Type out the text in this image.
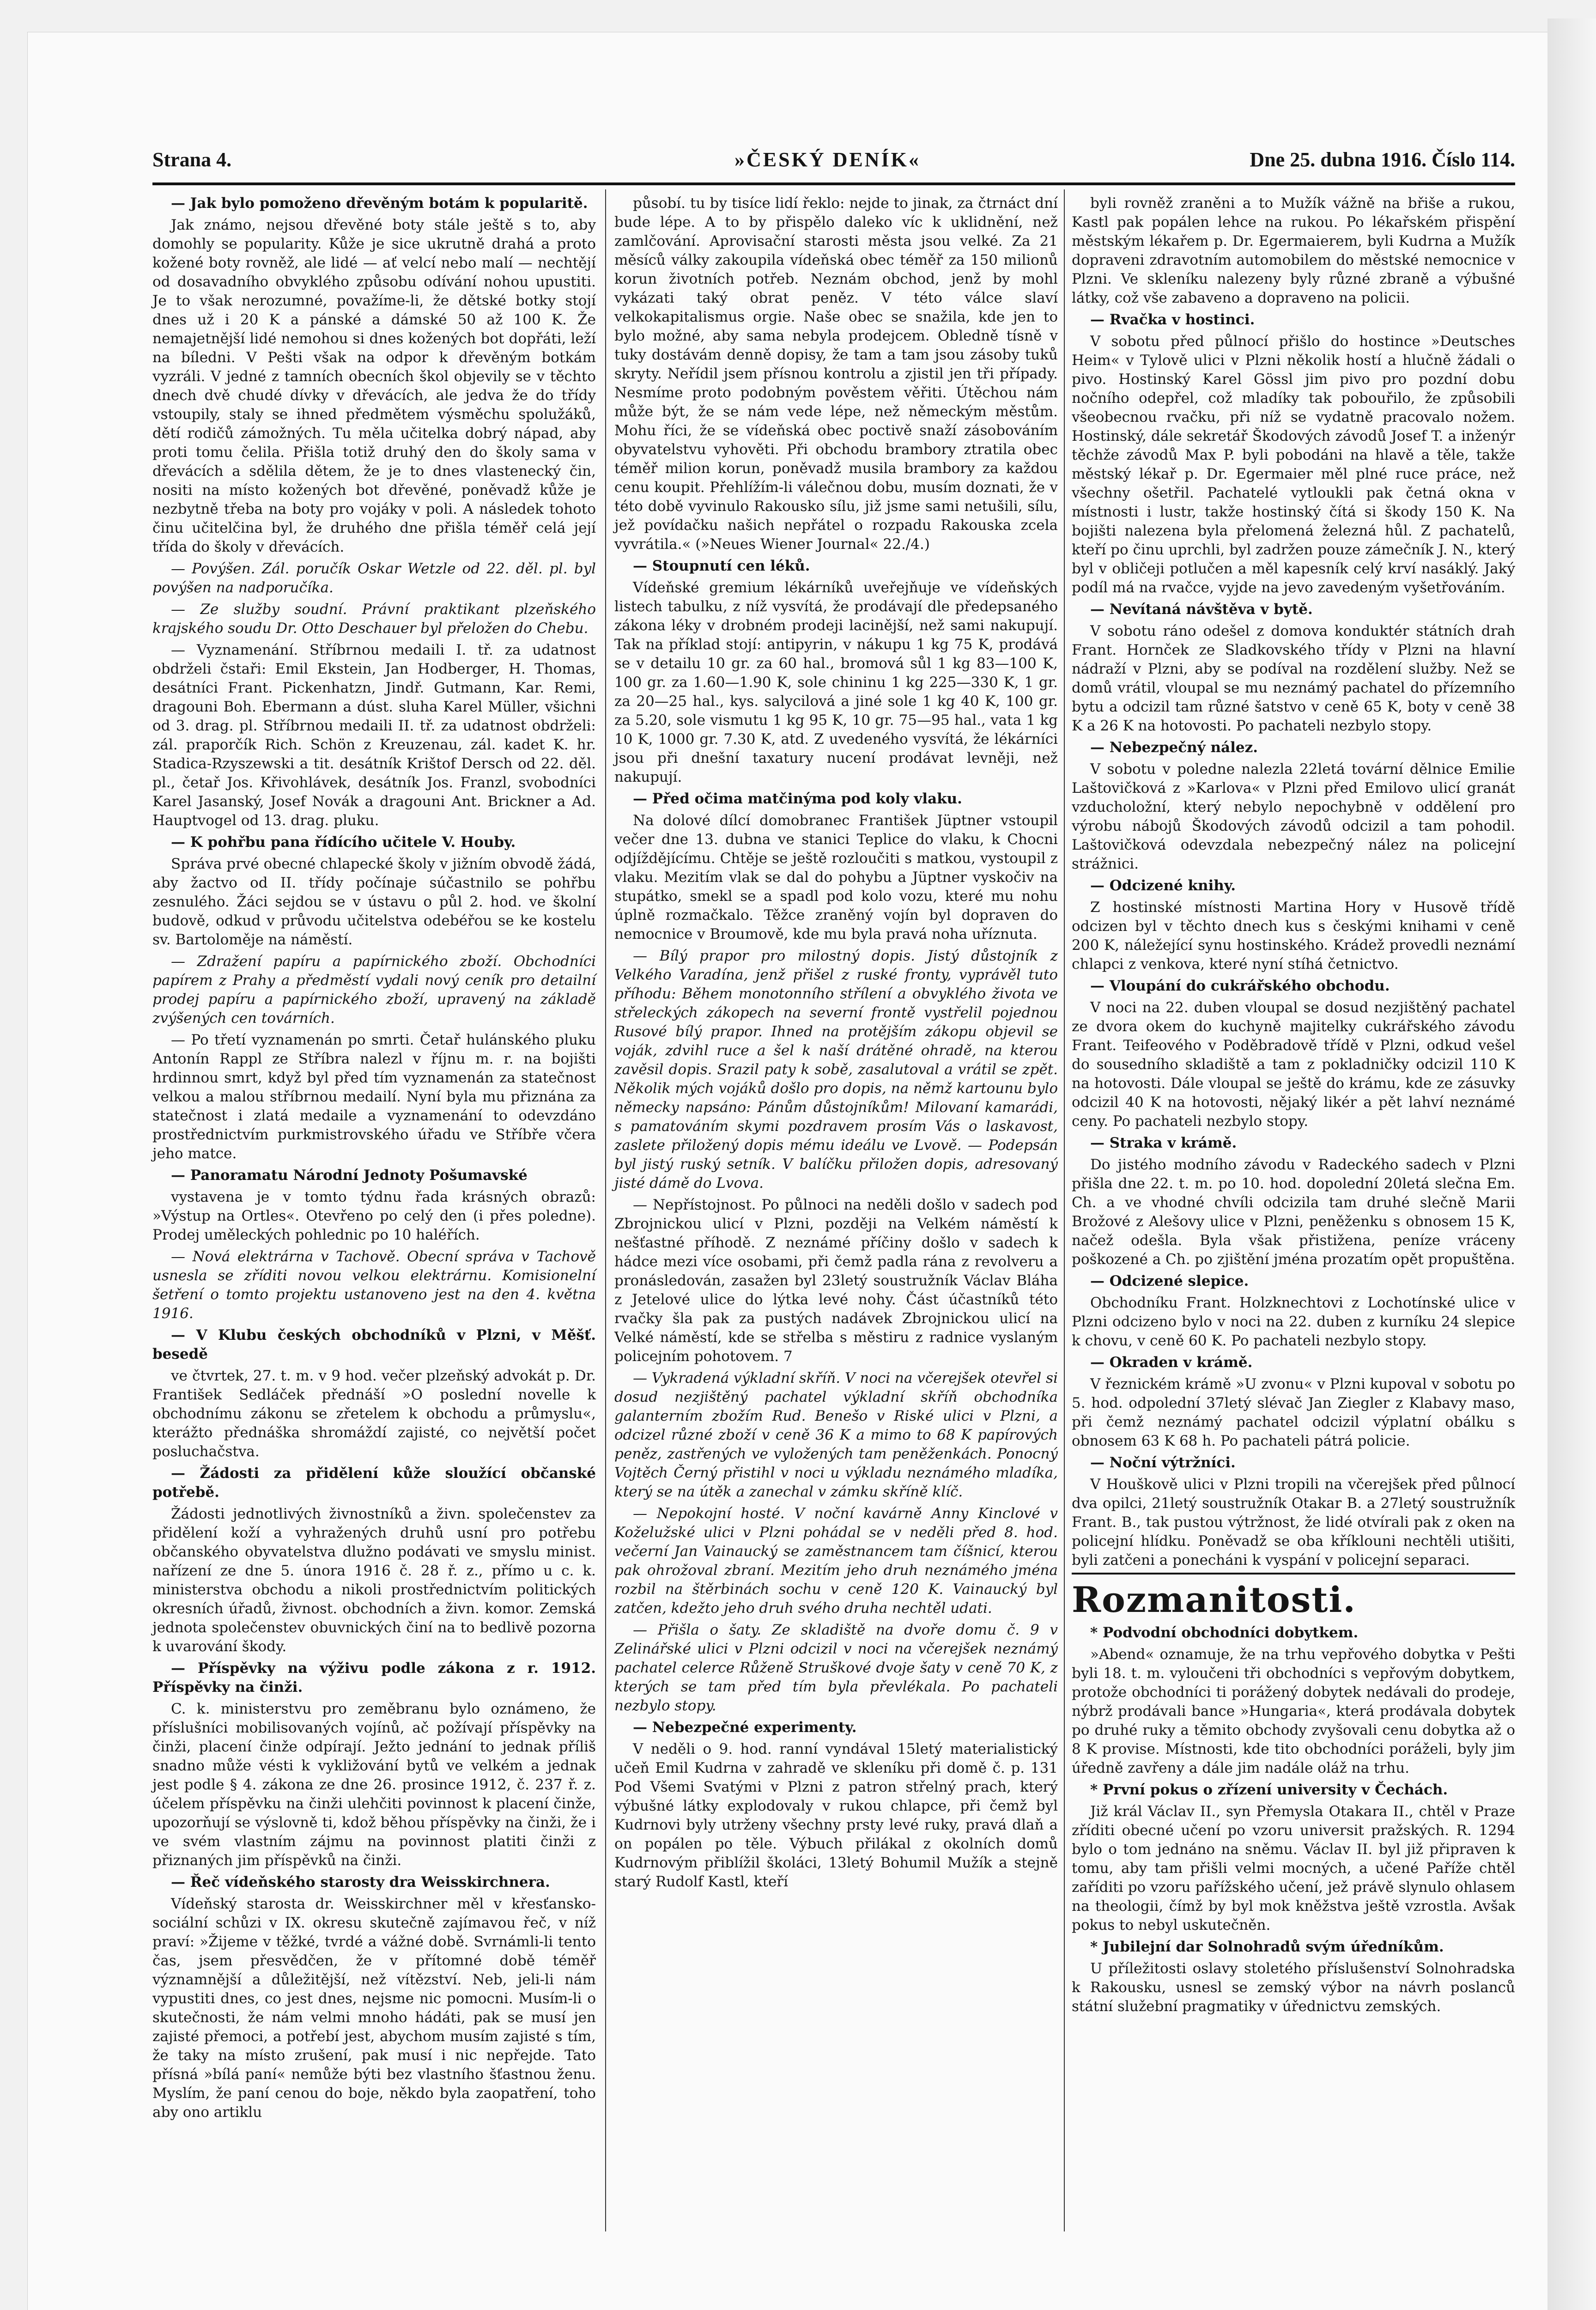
Strana 4.	»ČESKÝ DENÍK«	Dne 25. dubna 1916. Číslo 114.

— Jak bylo pomoženo dřevěným botám k popularitě.

Jak známo, nejsou dřevěné boty stále ještě s to, aby domohly se popularity. Kůže je sice ukrutně drahá a proto kožené boty rovněž, ale lidé — ať velcí nebo malí — nechtějí od dosavadního obvyklého způsobu odívání nohou upustiti. Je to však nerozumné, považíme-li, že dětské botky stojí dnes už i 20 K a pánské a dámské 50 až 100 K. Že nemajetnější lidé nemohou si dnes kožených bot dopřáti, leží na bíledni. V Pešti však na odpor k dřevěným botkám vyzráli. V jedné z tamních obecních škol objevily se v těchto dnech dvě chudé dívky v dřevácích, ale jedva že do třídy vstoupily, staly se ihned předmětem výsměchu spolužáků, dětí rodičů zámožných. Tu měla učitelka dobrý nápad, aby proti tomu čelila. Přišla totiž druhý den do školy sama v dřevácích a sdělila dětem, že je to dnes vlastenecký čin, nositi na místo kožených bot dřevěné, poněvadž kůže je nezbytně třeba na boty pro vojáky v poli. A následek tohoto činu učitelčina byl, že druhého dne přišla téměř celá její třída do školy v dřevácích.

— Povýšen. Zál. poručík Oskar Wetzle od 22. děl. pl. byl povýšen na nadporučíka.

— Ze služby soudní. Právní praktikant plzeňského krajského soudu Dr. Otto Deschauer byl přeložen do Chebu.

— Vyznamenání. Stříbrnou medaili I. tř. za udatnost obdrželi čstaři: Emil Ekstein, Jan Hodberger, H. Thomas, desátníci Frant. Pickenhatzn, Jindř. Gutmann, Kar. Remi, dragouni Boh. Ebermann a dúst. sluha Karel Müller, všichni od 3. drag. pl. Stříbrnou medaili II. tř. za udatnost obdrželi: zál. praporčík Rich. Schön z Kreuzenau, zál. kadet K. hr. Stadica-Rzyszewski a tit. desátník Krištof Dersch od 22. děl. pl., četař Jos. Křivohlávek, desátník Jos. Franzl, svobodníci Karel Jasanský, Josef Novák a dragouni Ant. Brickner a Ad. Hauptvogel od 13. drag. pluku.

— K pohřbu pana řídícího učitele V. Houby.

Správa prvé obecné chlapecké školy v jižním obvodě žádá, aby žactvo od II. třídy počínaje súčastnilo se pohřbu zesnulého. Žáci sejdou se v ústavu o půl 2. hod. ve školní budově, odkud v průvodu učitelstva odebéřou se ke kostelu sv. Bartoloměje na náměstí.

— Zdražení papíru a papírnického zboží. Obchodníci papírem z Prahy a předměstí vydali nový ceník pro detailní prodej papíru a papírnického zboží, upravený na základě zvýšených cen továrních.

— Po třetí vyznamenán po smrti. Četař hulánského pluku Antonín Rappl ze Stříbra nalezl v říjnu m. r. na bojišti hrdinnou smrt, když byl před tím vyznamenán za statečnost velkou a malou stříbrnou medailí. Nyní byla mu přiznána za statečnost i zlatá medaile a vyznamenání to odevzdáno prostřednictvím purkmistrovského úřadu ve Stříbře včera jeho matce.

— Panoramatu Národní Jednoty Pošumavské

vystavena je v tomto týdnu řada krásných obrazů: »Výstup na Ortles«. Otevřeno po celý den (i přes poledne). Prodej uměleckých pohlednic po 10 haléřích.

— Nová elektrárna v Tachově. Obecní správa v Tachově usnesla se zříditi novou velkou elektrárnu. Komisionelní šetření o tomto projektu ustanoveno jest na den 4. května 1916.

— V Klubu českých obchodníků v Plzni, v Měšť. besedě

ve čtvrtek, 27. t. m. v 9 hod. večer plzeňský advokát p. Dr. František Sedláček přednáší »O poslední novelle k obchodnímu zákonu se zřetelem k obchodu a průmyslu«, kterážto přednáška shromáždí zajisté, co největší počet posluchačstva.

— Žádosti za přidělení kůže sloužící občanské potřebě.

Žádosti jednotlivých živnostníků a živn. společenstev za přidělení koží a vyhražených druhů usní pro potřebu občanského obyvatelstva dlužno podávati ve smyslu minist. nařízení ze dne 5. února 1916 č. 28 ř. z., přímo u c. k. ministerstva obchodu a nikoli prostřednictvím politických okresních úřadů, živnost. obchodních a živn. komor. Zemská jednota společenstev obuvnických činí na to bedlivě pozorna k uvarování škody.

— Příspěvky na výživu podle zákona z r. 1912. Příspěvky na činži.

C. k. ministerstvu pro zeměbranu bylo oznámeno, že příslušníci mobilisovaných vojínů, ač požívají příspěvky na činži, placení činže odpírají. Ježto jednání to jednak příliš snadno může vésti k vykližování bytů ve velkém a jednak jest podle § 4. zákona ze dne 26. prosince 1912, č. 237 ř. z. účelem příspěvku na činži ulehčiti povinnost k placení činže, upozorňují se výslovně ti, kdož běhou příspěvky na činži, že i ve svém vlastním zájmu na povinnost platiti činži z přiznaných jim příspěvků na činži.

— Řeč vídeňského starosty dra Weisskirchnera.

Vídeňský starosta dr. Weisskirchner měl v křesťansko-sociální schůzi v IX. okresu skutečně zajímavou řeč, v níž praví: »Žijeme v těžké, tvrdé a vážné době. Svrnámli-li tento čas, jsem přesvědčen, že v přítomné době téměř významnější a důležitější, než vítězství. Neb, jeli-li nám vypustiti dnes, co jest dnes, nejsme nic pomocni. Musím-li o skutečnosti, že nám velmi mnoho hádáti, pak se musí jen zajisté přemoci, a potřebí jest, abychom musím zajisté s tím, že taky na místo zrušení, pak musí i nic nepřejde. Tato přísná »bílá paní« nemůže býti bez vlastního šťastnou ženu. Myslím, že paní cenou do boje, někdo byla zaopatření, toho aby ono artiklu

působí. tu by tisíce lidí řeklo: nejde to jinak, za čtrnáct dní bude lépe. A to by přispělo daleko víc k uklidnění, než zamlčování. Aprovisační starosti města jsou velké. Za 21 měsíců války zakoupila vídeňská obec téměř za 150 milionů korun životních potřeb. Neznám obchod, jenž by mohl vykázati taký obrat peněz. V této válce slaví velkokapitalismus orgie. Naše obec se snažila, kde jen to bylo možné, aby sama nebyla prodejcem. Obledně tísně v tuky dostávám denně dopisy, že tam a tam jsou zásoby tuků skryty. Neřídil jsem přísnou kontrolu a zjistil jen tři případy. Nesmíme proto podobným pověstem věřiti. Útěchou nám může být, že se nám vede lépe, než německým městům. Mohu říci, že se vídeňská obec poctivě snaží zásobováním obyvatelstvu vyhověti. Při obchodu brambory ztratila obec téměř milion korun, poněvadž musila brambory za každou cenu koupit. Přehlížím-li válečnou dobu, musím doznati, že v této době vyvinulo Rakousko sílu, již jsme sami netušili, sílu, jež povídačku našich nepřátel o rozpadu Rakouska zcela vyvrátila.« (»Neues Wiener Journal« 22./4.)

— Stoupnutí cen léků.

Vídeňské gremium lékárníků uveřejňuje ve vídeňských listech tabulku, z níž vysvítá, že prodávají dle předepsaného zákona léky v drobném prodeji lacinější, než sami nakupují. Tak na příklad stojí: antipyrin, v nákupu 1 kg 75 K, prodává se v detailu 10 gr. za 60 hal., bromová sůl 1 kg 83—100 K, 100 gr. za 1.60—1.90 K, sole chininu 1 kg 225—330 K, 1 gr. za 20—25 hal., kys. salycilová a jiné sole 1 kg 40 K, 100 gr. za 5.20, sole vismutu 1 kg 95 K, 10 gr. 75—95 hal., vata 1 kg 10 K, 1000 gr. 7.30 K, atd. Z uvedeného vysvítá, že lékárníci jsou při dnešní taxatury nucení prodávat levněji, než nakupují.

— Před očima matčinýma pod koly vlaku.

Na dolové dílcí domobranec František Jüptner vstoupil večer dne 13. dubna ve stanici Teplice do vlaku, k Chocni odjíždějícímu. Chtěje se ještě rozloučiti s matkou, vystoupil z vlaku. Mezitím vlak se dal do pohybu a Jüptner vyskočiv na stupátko, smekl se a spadl pod kolo vozu, které mu nohu úplně rozmačkalo. Těžce zraněný vojín byl dopraven do nemocnice v Broumově, kde mu byla pravá noha uříznuta.

— Bílý prapor pro milostný dopis. Jistý důstojník z Velkého Varadína, jenž přišel z ruské fronty, vyprávěl tuto příhodu: Během monotonního střílení a obvyklého života ve střeleckých zákopech na severní frontě vystřelil pojednou Rusové bílý prapor. Ihned na protějším zákopu objevil se voják, zdvihl ruce a šel k naší drátěné ohradě, na kterou zavěsil dopis. Srazil paty k sobě, zasalutoval a vrátil se zpět. Několik mých vojáků došlo pro dopis, na němž kartounu bylo německy napsáno: Pánům důstojníkům! Milovaní kamarádi, s pamatováním skymi pozdravem prosím Vás o laskavost, zaslete přiložený dopis mému ideálu ve Lvově. — Podepsán byl jistý ruský setník. V balíčku přiložen dopis, adresovaný jisté dámě do Lvova.

— Nepřístojnost. Po půlnoci na neděli došlo v sadech pod Zbrojnickou ulicí v Plzni, později na Velkém náměstí k nešťastné příhodě. Z neznámé příčiny došlo v sadech k hádce mezi více osobami, při čemž padla rána z revolveru a pronásledován, zasažen byl 23letý soustružník Václav Bláha z Jetelové ulice do lýtka levé nohy. Část účastníků této rvačky šla pak za pustých nadávek Zbrojnickou ulicí na Velké náměstí, kde se střelba s městiru z radnice vyslaným policejním pohotovem. 7

— Vykradená výkladní skříň. V noci na včerejšek otevřel si dosud nezjištěný pachatel výkladní skříň obchodníka galanterním zbožím Rud. Benešo v Riské ulici v Plzni, a odcizel různé zboží v ceně 36 K a mimo to 68 K papírových peněz, zastřených ve vyložených tam peněženkách. Ponocný Vojtěch Černý přistihl v noci u výkladu neznámého mladíka, který se na útěk a zanechal v zámku skříně klíč.

— Nepokojní hosté. V noční kavárně Anny Kinclové v Koželužské ulici v Plzni pohádal se v neděli před 8. hod. večerní Jan Vainaucký se zaměstnancem tam číšnicí, kterou pak ohrožoval zbraní. Mezitím jeho druh neznámého jména rozbil na štěrbinách sochu v ceně 120 K. Vainaucký byl zatčen, kdežto jeho druh svého druha nechtěl udati.

— Přišla o šaty. Ze skladiště na dvoře domu č. 9 v Zelinářské ulici v Plzni odcizil v noci na včerejšek neznámý pachatel celerce Růženě Struškové dvoje šaty v ceně 70 K, z kterých se tam před tím byla převlékala. Po pachateli nezbylo stopy.

— Nebezpečné experimenty.

V neděli o 9. hod. ranní vyndával 15letý materialistický učeň Emil Kudrna v zahradě ve skleníku při domě č. p. 131 Pod Všemi Svatými v Plzni z patron střelný prach, který výbušné látky explodovaly v rukou chlapce, při čemž byl Kudrnovi byly utrženy všechny prsty levé ruky, pravá dlaň a on popálen po těle. Výbuch přilákal z okolních domů Kudrnovým přiblížil školáci, 13letý Bohumil Mužík a stejně starý Rudolf Kastl, kteří

byli rovněž zraněni a to Mužík vážně na břiše a rukou, Kastl pak popálen lehce na rukou. Po lékařském přispění městským lékařem p. Dr. Egermaierem, byli Kudrna a Mužík dopraveni zdravotním automobilem do městské nemocnice v Plzni. Ve skleníku nalezeny byly různé zbraně a výbušné látky, což vše zabaveno a dopraveno na policii.

— Rvačka v hostinci.

V sobotu před půlnocí přišlo do hostince »Deutsches Heim« v Tylově ulici v Plzni několik hostí a hlučně žádali o pivo. Hostinský Karel Gössl jim pivo pro pozdní dobu nočního odepřel, což mladíky tak pobouřilo, že způsobili všeobecnou rvačku, při níž se vydatně pracovalo nožem. Hostinský, dále sekretář Škodových závodů Josef T. a inženýr těchže závodů Max P. byli pobodáni na hlavě a těle, takže městský lékař p. Dr. Egermaier měl plné ruce práce, než všechny ošetřil. Pachatelé vytloukli pak četná okna v místnosti i lustr, takže hostinský čítá si škody 150 K. Na bojišti nalezena byla přelomená železná hůl. Z pachatelů, kteří po činu uprchli, byl zadržen pouze zámečník J. N., který byl v obličeji potlučen a měl kapesník celý krví nasáklý. Jaký podíl má na rvačce, vyjde na jevo zavedeným vyšetřováním.

— Nevítaná návštěva v bytě.

V sobotu ráno odešel z domova konduktér státních drah Frant. Hornček ze Sladkovského třídy v Plzni na hlavní nádraží v Plzni, aby se podíval na rozdělení služby. Než se domů vrátil, vloupal se mu neznámý pachatel do přízemního bytu a odcizil tam různé šatstvo v ceně 65 K, boty v ceně 38 K a 26 K na hotovosti. Po pachateli nezbylo stopy.

— Nebezpečný nález.

V sobotu v poledne nalezla 22letá tovární dělnice Emilie Laštovičková z »Karlova« v Plzni před Emilovo ulicí granát vzducholožní, který nebylo nepochybně v oddělení pro výrobu nábojů Škodových závodů odcizil a tam pohodil. Laštovičková odevzdala nebezpečný nález na policejní strážnici.

— Odcizené knihy.

Z hostinské místnosti Martina Hory v Husově třídě odcizen byl v těchto dnech kus s českými knihami v ceně 200 K, náležející synu hostinského. Krádež provedli neznámí chlapci z venkova, které nyní stíhá četnictvo.

— Vloupání do cukrářského obchodu.

V noci na 22. duben vloupal se dosud nezjištěný pachatel ze dvora okem do kuchyně majitelky cukrářského závodu Frant. Teifeového v Poděbradově třídě v Plzni, odkud vešel do sousedního skladiště a tam z pokladničky odcizil 110 K na hotovosti. Dále vloupal se ještě do krámu, kde ze zásuvky odcizil 40 K na hotovosti, nějaký likér a pět lahví neznámé ceny. Po pachateli nezbylo stopy.

— Straka v krámě.

Do jistého modního závodu v Radeckého sadech v Plzni přišla dne 22. t. m. po 10. hod. dopolední 20letá slečna Em. Ch. a ve vhodné chvíli odcizila tam druhé slečně Marii Brožové z Alešovy ulice v Plzni, peněženku s obnosem 15 K, načež odešla. Byla však přistižena, peníze vráceny poškozené a Ch. po zjištění jména prozatím opět propuštěna.

— Odcizené slepice.

Obchodníku Frant. Holzknechtovi z Lochotínské ulice v Plzni odcizeno bylo v noci na 22. duben z kurníku 24 slepice k chovu, v ceně 60 K. Po pachateli nezbylo stopy.

— Okraden v krámě.

V řeznickém krámě »U zvonu« v Plzni kupoval v sobotu po 5. hod. odpolední 37letý slévač Jan Ziegler z Klabavy maso, při čemž neznámý pachatel odcizil výplatní obálku s obnosem 63 K 68 h. Po pachateli pátrá policie.

— Noční výtržníci.

V Houškově ulici v Plzni tropili na včerejšek před půlnocí dva opilci, 21letý soustružník Otakar B. a 27letý soustružník Frant. B., tak pustou výtržnost, že lidé otvírali pak z oken na policejní hlídku. Poněvadž se oba kříklouni nechtěli utišiti, byli zatčeni a ponecháni k vyspání v policejní separaci.

Rozmanitosti.

* Podvodní obchodníci dobytkem.

»Abend« oznamuje, že na trhu vepřového dobytka v Pešti byli 18. t. m. vyloučeni tři obchodníci s vepřovým dobytkem, protože obchodníci ti porážený dobytek nedávali do prodeje, nýbrž prodávali bance »Hungaria«, která prodávala dobytek po druhé ruky a těmito obchody zvyšovali cenu dobytka až o 8 K provise. Místnosti, kde tito obchodníci poráželi, byly jim úředně zavřeny a dále jim nadále oláž na trhu.

* První pokus o zřízení university v Čechách.

Již král Václav II., syn Přemysla Otakara II., chtěl v Praze zříditi obecné učení po vzoru universit pražských. R. 1294 bylo o tom jednáno na sněmu. Václav II. byl již připraven k tomu, aby tam přišli velmi mocných, a učené Paříže chtěl zaříditi po vzoru pařížského učení, jež právě slynulo ohlasem na theologii, čímž by byl mok kněžstva ještě vzrostla. Avšak pokus to nebyl uskutečněn.

* Jubilejní dar Solnohradů svým úředníkům.

U příležitosti oslavy stoletého příslušenství Solnohradska k Rakousku, usnesl se zemský výbor na návrh poslanců státní služební pragmatiky v úřednictvu zemských.
